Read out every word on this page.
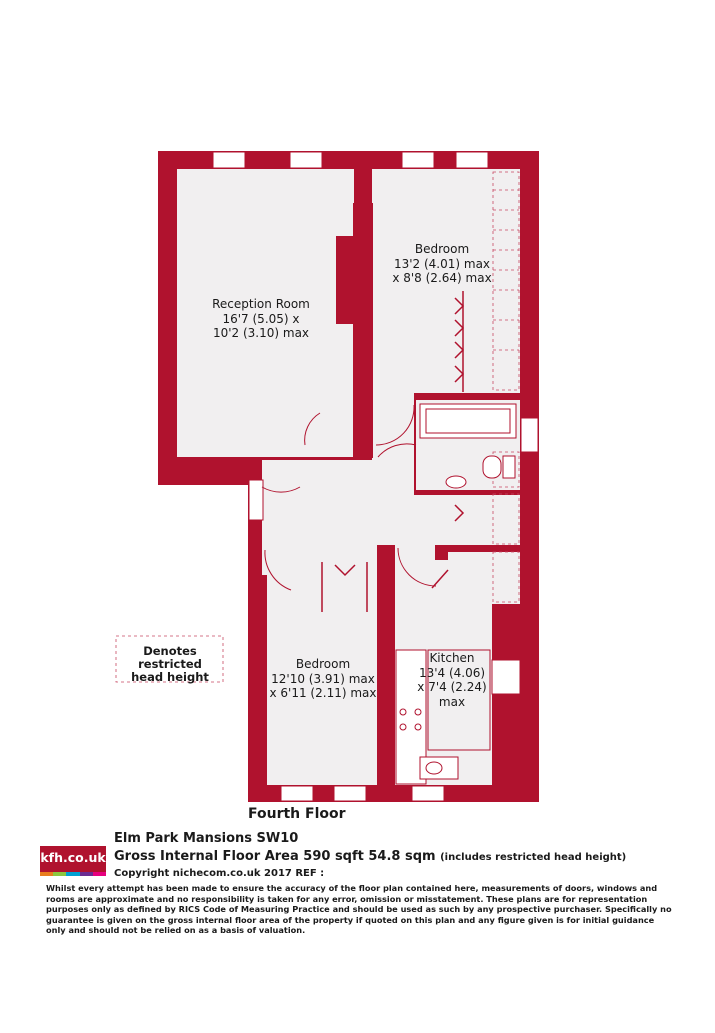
Reception Room
16'7 (5.05) x
10'2 (3.10) max
Bedroom
13'2 (4.01) max
x 8'8 (2.64) max
Bedroom
12'10 (3.91) max
x 6'11 (2.11) max
Kitchen
13'4 (4.06)
x 7'4 (2.24)
max
Denotes restricted
head height
Fourth Floor
kfh.co.uk
Elm Park Mansions SW10
Gross Internal Floor Area 590 sqft 54.8 sqm (includes restricted head height)
Copyright nichecom.co.uk 2017 REF :
Whilst every attempt has been made to ensure the accuracy of the floor plan contained here, measurements of doors, windows and rooms are approximate and no responsibility is taken for any error, omission or misstatement. These plans are for representation purposes only as defined by RICS Code of Measuring Practice and should be used as such by any prospective purchaser. Specifically no guarantee is given on the gross internal floor area of the property if quoted on this plan and any figure given is for initial guidance only and should not be relied on as a basis of valuation.
